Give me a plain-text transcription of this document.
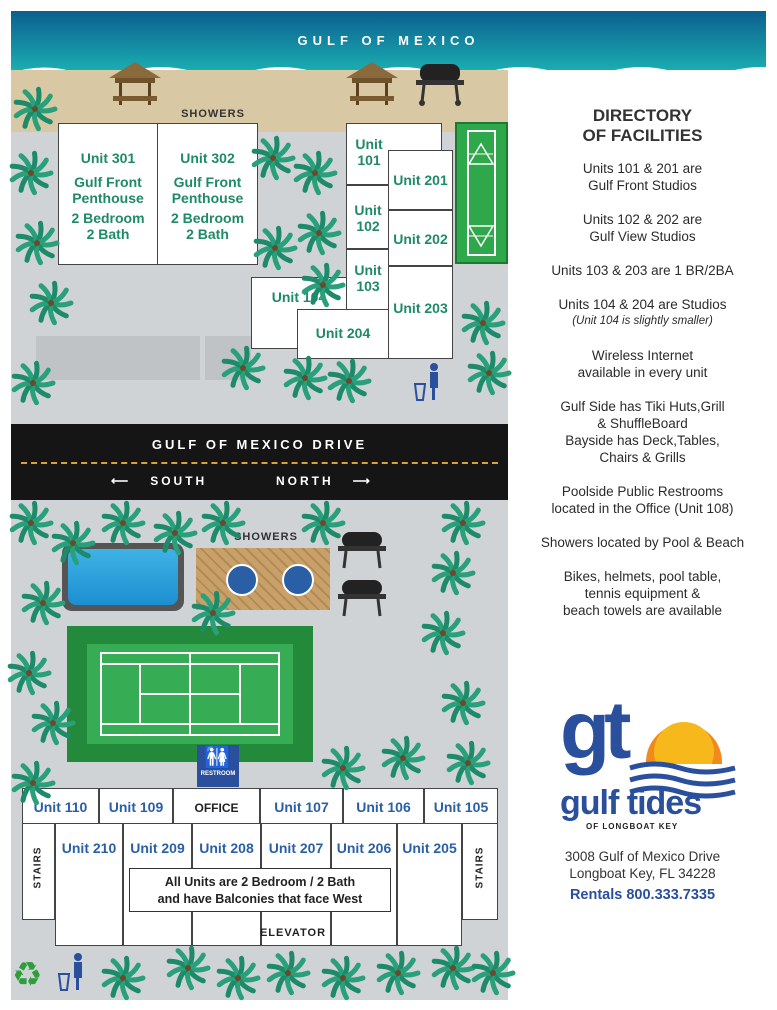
GULF OF MEXICO
SHOWERS
Unit 301
Gulf Front
Penthouse
2 Bedroom
2 Bath
Unit 302
Gulf Front
Penthouse
2 Bedroom
2 Bath
Unit 101
Unit 102
Unit 103
Unit 201
Unit 202
Unit 203
Unit 104
Unit 204
GULF OF MEXICO DRIVE
⟵   SOUTH	NORTH   ⟶
SHOWERS
🚻
RESTROOM
Unit 110	Unit 109	OFFICE	Unit 107	Unit 106	Unit 105
STAIRS	STAIRS
Unit 210	Unit 209	Unit 208	Unit 207 Unit 206 Unit 205
All Units are 2 Bedroom / 2 Bath
and have Balconies that face West
ELEVATOR
♻
DIRECTORY
OF FACILITIES
Units 101 & 201 are
Gulf Front Studios
Units 102 & 202 are
Gulf View Studios
Units 103 & 203 are 1 BR/2BA
Units 104 & 204 are Studios
(Unit 104 is slightly smaller)
Wireless Internet
available in every unit
Gulf Side has Tiki Huts,Grill
& ShuffleBoard
Bayside has Deck,Tables,
Chairs & Grills
Poolside Public Restrooms
located in the Office (Unit 108)
Showers located by Pool & Beach
Bikes, helmets, pool table,
tennis equipment &
beach towels are available
gt
gulf tides
OF LONGBOAT KEY
3008 Gulf of Mexico Drive
Longboat Key, FL 34228
Rentals 800.333.7335
